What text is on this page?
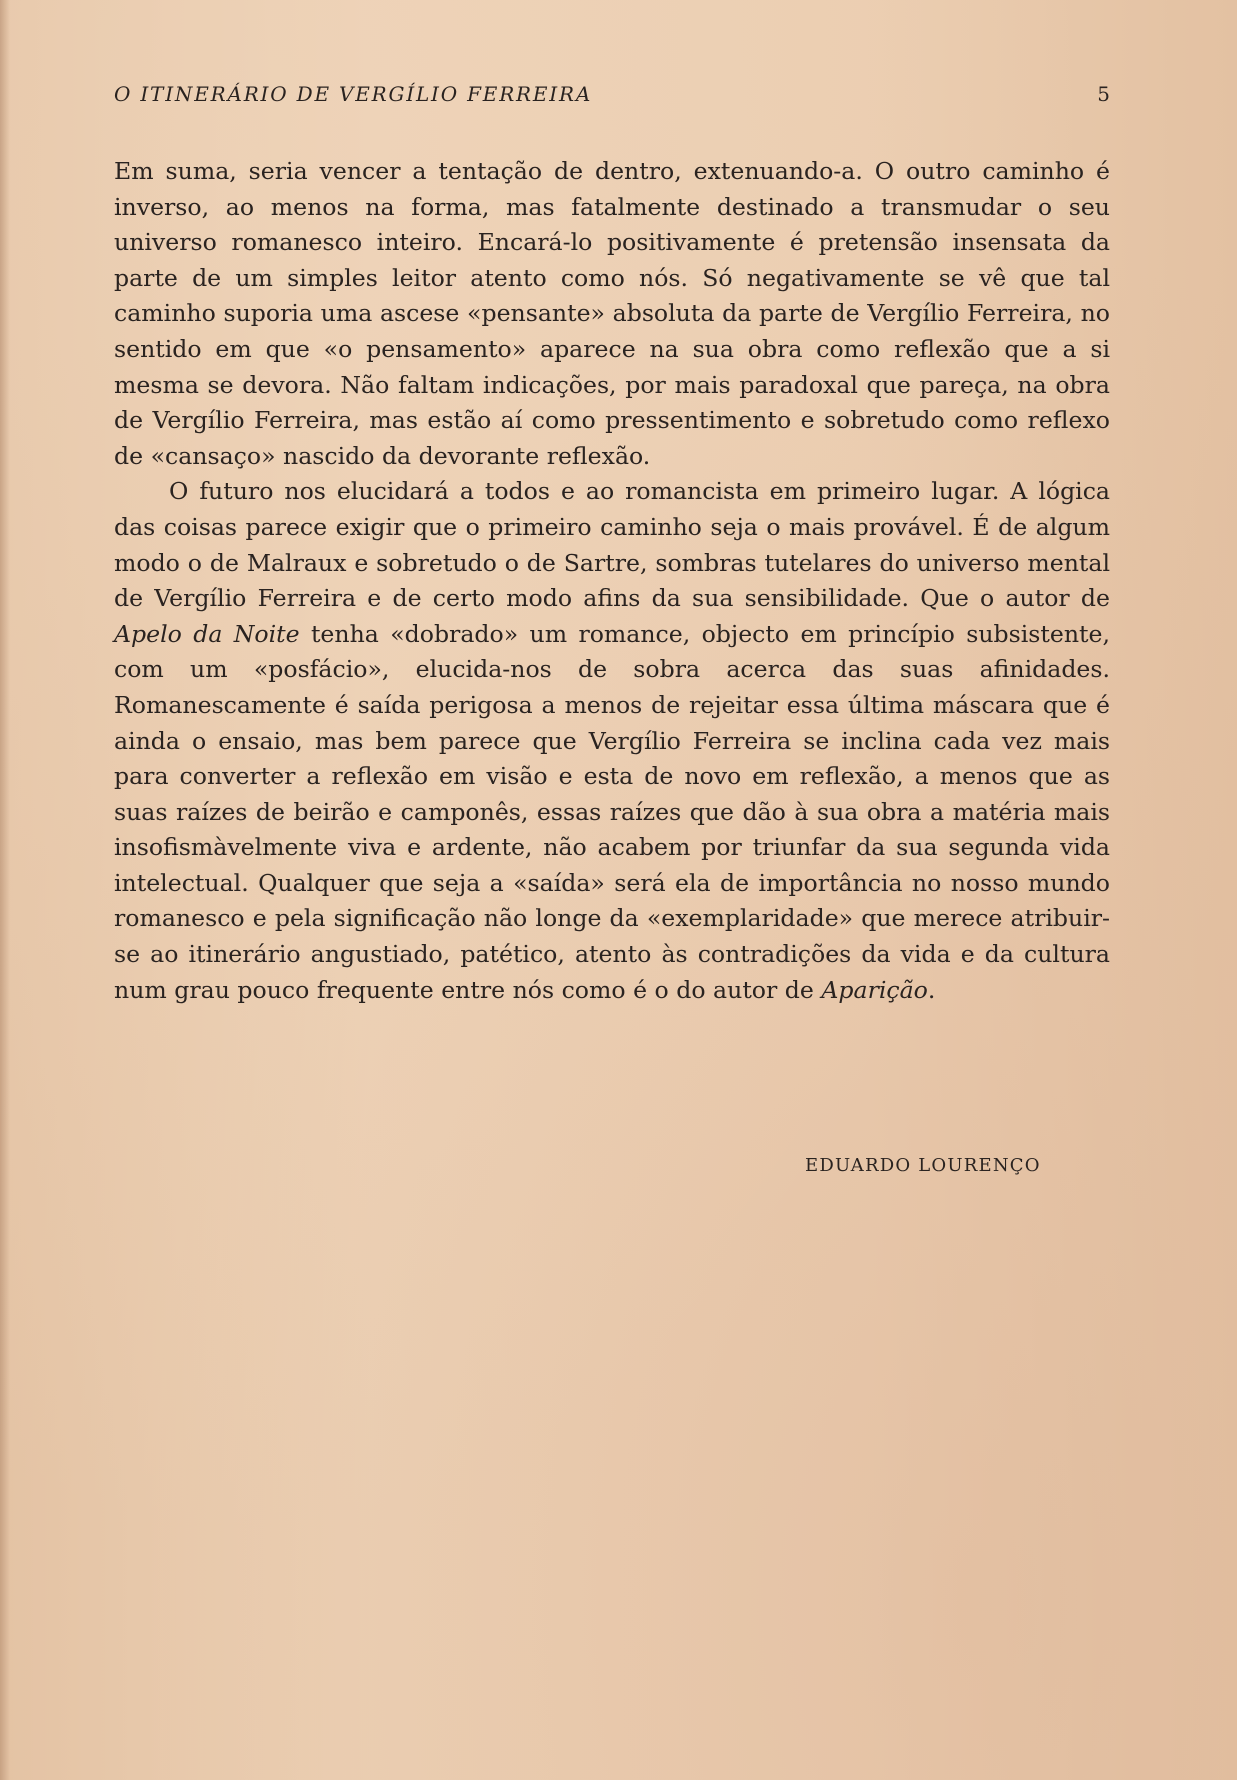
O ITINERÁRIO DE VERGÍLIO FERREIRA	5

Em suma, seria vencer a tentação de dentro, extenuando-a. O outro caminho é inverso, ao menos na forma, mas fatalmente destinado a transmudar o seu universo romanesco inteiro. Encará-lo positivamente é pretensão insensata da parte de um simples leitor atento como nós. Só negativamente se vê que tal caminho suporia uma ascese «pensante» absoluta da parte de Vergílio Ferreira, no sentido em que «o pensamento» aparece na sua obra como reflexão que a si mesma se devora. Não faltam indicações, por mais paradoxal que pareça, na obra de Vergílio Ferreira, mas estão aí como pressentimento e sobretudo como reflexo de «cansaço» nascido da devorante reflexão.

O futuro nos elucidará a todos e ao romancista em primeiro lugar. A lógica das coisas parece exigir que o primeiro caminho seja o mais provável. É de algum modo o de Malraux e sobretudo o de Sartre, sombras tutelares do universo mental de Vergílio Ferreira e de certo modo afins da sua sensibilidade. Que o autor de Apelo da Noite tenha «dobrado» um romance, objecto em princípio subsistente, com um «posfácio», elucida-nos de sobra acerca das suas afinidades. Romanescamente é saída perigosa a menos de rejeitar essa última máscara que é ainda o ensaio, mas bem parece que Vergílio Ferreira se inclina cada vez mais para converter a reflexão em visão e esta de novo em reflexão, a menos que as suas raízes de beirão e camponês, essas raízes que dão à sua obra a matéria mais insofismàvelmente viva e ardente, não acabem por triunfar da sua segunda vida intelectual. Qualquer que seja a «saída» será ela de importância no nosso mundo romanesco e pela significação não longe da «exemplaridade» que merece atribuir-se ao itinerário angustiado, patético, atento às contradições da vida e da cultura num grau pouco frequente entre nós como é o do autor de Aparição.

EDUARDO LOURENÇO
